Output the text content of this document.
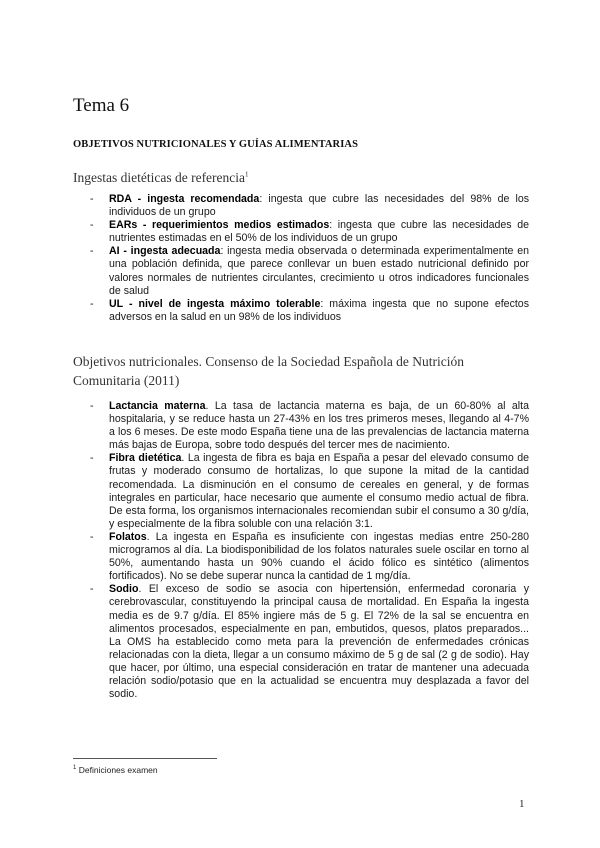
Tema 6
OBJETIVOS NUTRICIONALES Y GUÍAS ALIMENTARIAS
Ingestas dietéticas de referencia$^1$
- RDA - ingesta recomendada: ingesta que cubre las necesidades del 98% de los individuos de un grupo
- EARs - requerimientos medios estimados: ingesta que cubre las necesidades de nutrientes estimadas en el 50% de los individuos de un grupo
- AI - ingesta adecuada: ingesta media observada o determinada experimentalmente en una población definida, que parece conllevar un buen estado nutricional definido por valores normales de nutrientes circulantes, crecimiento u otros indicadores funcionales de salud
- UL - nivel de ingesta máximo tolerable: máxima ingesta que no supone efectos adversos en la salud en un 98% de los individuos
Objetivos nutricionales. Consenso de la Sociedad Española de Nutrición Comunitaria (2011)
- Lactancia materna. La tasa de lactancia materna es baja, de un 60-80% al alta hospitalaria, y se reduce hasta un 27-43% en los tres primeros meses, llegando al 4-7% a los 6 meses. De este modo España tiene una de las prevalencias de lactancia materna más bajas de Europa, sobre todo después del tercer mes de nacimiento.
- Fibra dietética. La ingesta de fibra es baja en España a pesar del elevado consumo de frutas y moderado consumo de hortalizas, lo que supone la mitad de la cantidad recomendada. La disminución en el consumo de cereales en general, y de formas integrales en particular, hace necesario que aumente el consumo medio actual de fibra. De esta forma, los organismos internacionales recomiendan subir el consumo a 30 g/día, y especialmente de la fibra soluble con una relación 3:1.
- Folatos. La ingesta en España es insuficiente con ingestas medias entre 250-280 microgramos al día. La biodisponibilidad de los folatos naturales suele oscilar en torno al 50%, aumentando hasta un 90% cuando el ácido fólico es sintético (alimentos fortificados). No se debe superar nunca la cantidad de 1 mg/día.
- Sodio. El exceso de sodio se asocia con hipertensión, enfermedad coronaria y cerebrovascular, constituyendo la principal causa de mortalidad. En España la ingesta media es de 9.7 g/día. El 85% ingiere más de 5 g. El 72% de la sal se encuentra en alimentos procesados, especialmente en pan, embutidos, quesos, platos preparados... La OMS ha establecido como meta para la prevención de enfermedades crónicas relacionadas con la dieta, llegar a un consumo máximo de 5 g de sal (2 g de sodio). Hay que hacer, por último, una especial consideración en tratar de mantener una adecuada relación sodio/potasio que en la actualidad se encuentra muy desplazada a favor del sodio.
$^1$ Definiciones examen
1
